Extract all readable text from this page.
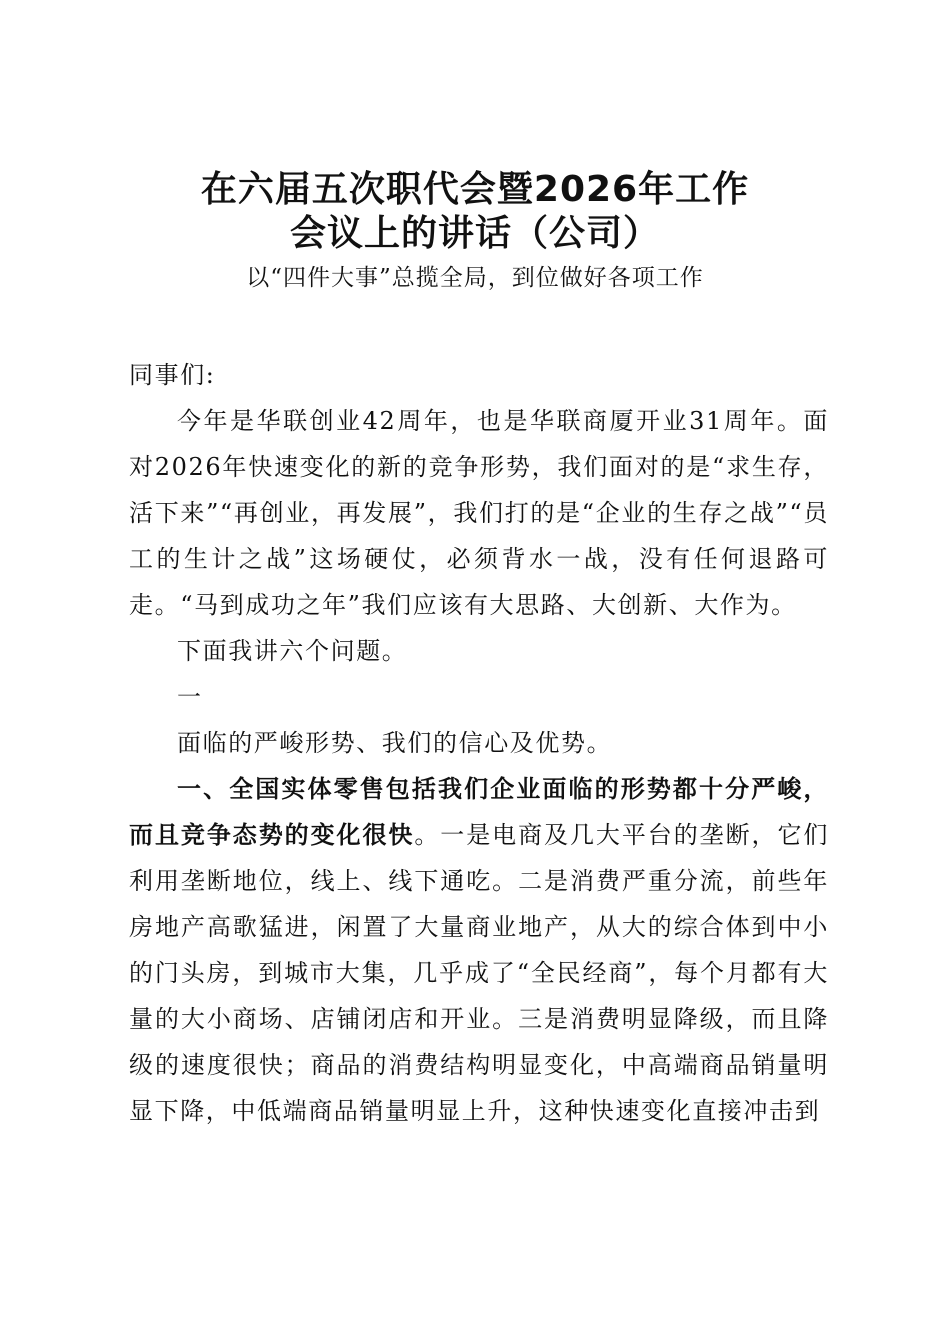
在六届五次职代会暨2026年工作
会议上的讲话（公司）
以“四件大事”总揽全局，到位做好各项工作

同事们:

今年是华联创业42周年，也是华联商厦开业31周年。面对2026年快速变化的新的竞争形势，我们面对的是“求生存，活下来”“再创业，再发展”，我们打的是“企业的生存之战”“员工的生计之战”这场硬仗，必须背水一战，没有任何退路可走。“马到成功之年”我们应该有大思路、大创新、大作为。

下面我讲六个问题。

一

面临的严峻形势、我们的信心及优势。

一、全国实体零售包括我们企业面临的形势都十分严峻，而且竞争态势的变化很快。一是电商及几大平台的垄断，它们利用垄断地位，线上、线下通吃。二是消费严重分流，前些年房地产高歌猛进，闲置了大量商业地产，从大的综合体到中小的门头房，到城市大集，几乎成了“全民经商”，每个月都有大量的大小商场、店铺闭店和开业。三是消费明显降级，而且降级的速度很快；商品的消费结构明显变化，中高端商品销量明显下降，中低端商品销量明显上升，这种快速变化直接冲击到
